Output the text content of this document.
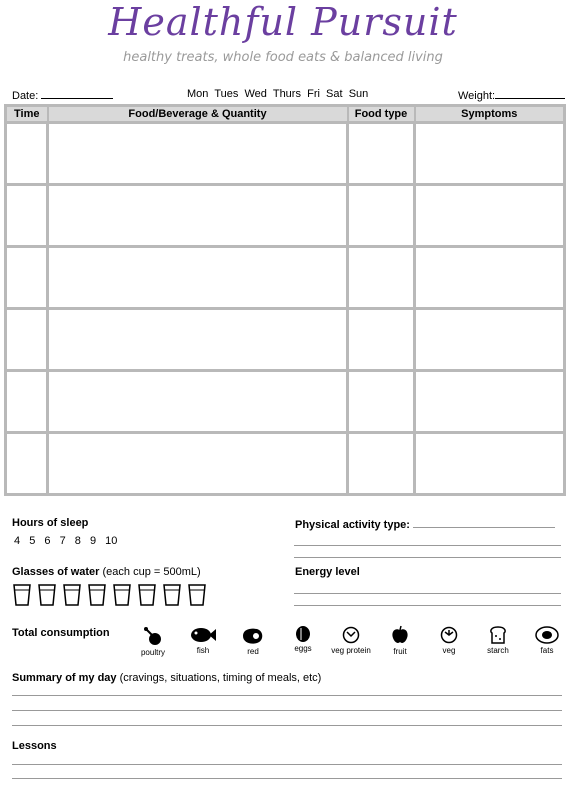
Healthful Pursuit
healthy treats, whole food eats & balanced living
Date:	Mon Tues Wed Thurs Fri Sat Sun	Weight:
Time	Food/Beverage & Quantity	Food type	Symptoms

Hours of sleep
4 5 6 7 8 9 10
Physical activity type:
Glasses of water (each cup = 500mL)	Energy level
Total consumption
poultry	fish	red	eggs	veg protein	fruit	veg	starch	fats
Summary of my day (cravings, situations, timing of meals, etc)
Lessons
